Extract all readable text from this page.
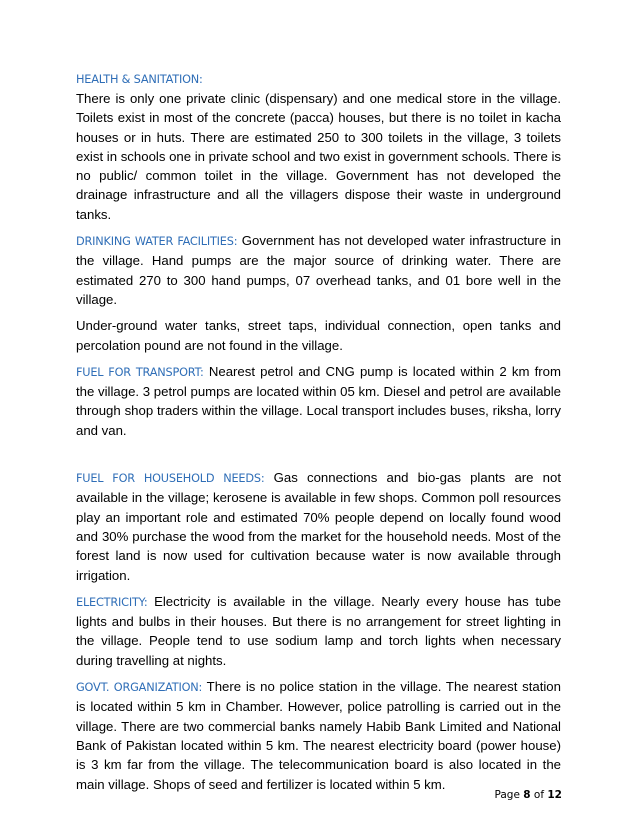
HEALTH & SANITATION:

There is only one private clinic (dispensary) and one medical store in the village. Toilets exist in most of the concrete (pacca) houses, but there is no toilet in kacha houses or in huts. There are estimated 250 to 300 toilets in the village, 3 toilets exist in schools one in private school and two exist in government schools. There is no public/ common toilet in the village. Government has not developed the drainage infrastructure and all the villagers dispose their waste in underground tanks.

DRINKING WATER FACILITIES: Government has not developed water infrastructure in the village. Hand pumps are the major source of drinking water. There are estimated 270 to 300 hand pumps, 07 overhead tanks, and 01 bore well in the village.

Under-ground water tanks, street taps, individual connection, open tanks and percolation pound are not found in the village.

FUEL FOR TRANSPORT: Nearest petrol and CNG pump is located within 2 km from the village. 3 petrol pumps are located within 05 km. Diesel and petrol are available through shop traders within the village. Local transport includes buses, riksha, lorry and van.

FUEL FOR HOUSEHOLD NEEDS: Gas connections and bio-gas plants are not available in the village; kerosene is available in few shops. Common poll resources play an important role and estimated 70% people depend on locally found wood and 30% purchase the wood from the market for the household needs. Most of the forest land is now used for cultivation because water is now available through irrigation.

ELECTRICITY: Electricity is available in the village. Nearly every house has tube lights and bulbs in their houses. But there is no arrangement for street lighting in the village. People tend to use sodium lamp and torch lights when necessary during travelling at nights.

GOVT. ORGANIZATION: There is no police station in the village. The nearest station is located within 5 km in Chamber. However, police patrolling is carried out in the village. There are two commercial banks namely Habib Bank Limited and National Bank of Pakistan located within 5 km. The nearest electricity board (power house) is 3 km far from the village. The telecommunication board is also located in the main village. Shops of seed and fertilizer is located within 5 km.

Page 8 of 12
